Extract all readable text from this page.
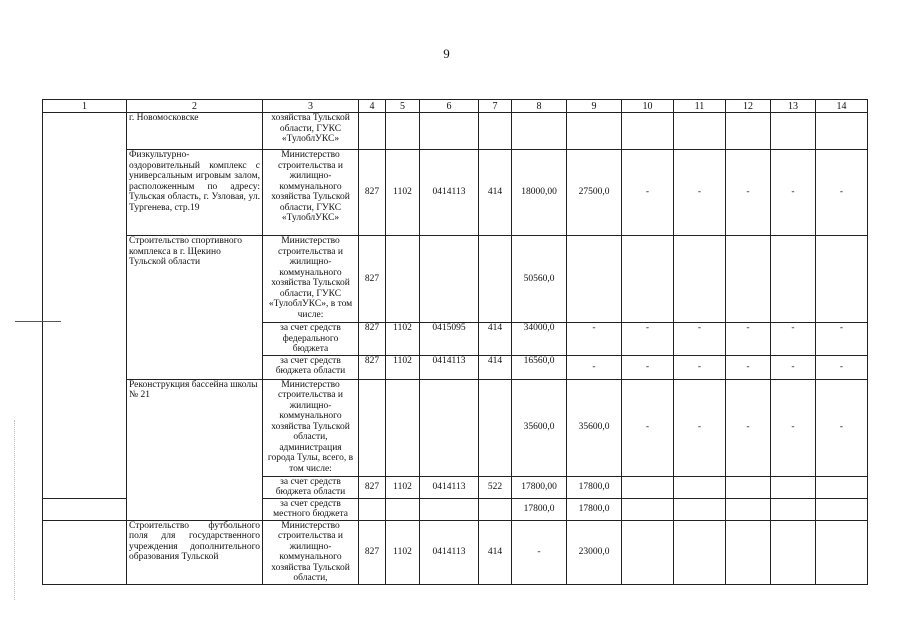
9
1	2	3	4	5	6	7	8	9	10	11	12	13	14
	г. Новомосковске	хозяйства Тульской области, ГУКС «ТулоблУКС»											
	Физкультурно-оздоровительный комплекс с универсальным игровым залом, расположенным по адресу: Тульская область, г. Узловая, ул. Тургенева, стр.19	Министерство строительства и жилищно-коммунального хозяйства Тульской области, ГУКС «ТулоблУКС»	827	1102	0414113	414	18000,00	27500,0	-	-	-	-	-
	Строительство спортивного комплекса в г. Щекино Тульской области	Министерство строительства и жилищно-коммунального хозяйства Тульской области, ГУКС «ТулоблУКС», в том числе:	827				50560,0						
		за счет средств федерального бюджета	827	1102	0415095	414	34000,0	-	-	-	-	-	-
		за счет средств бюджета области	827	1102	0414113	414	16560,0	-	-	-	-	-	-
	Реконструкция бассейна школы № 21	Министерство строительства и жилищно-коммунального хозяйства Тульской области, администрация города Тулы, всего, в том числе:					35600,0	35600,0	-	-	-	-	-
		за счет средств бюджета области	827	1102	0414113	522	17800,00	17800,0					
		за счет средств местного бюджета					17800,0	17800,0					
	Строительство футбольного поля для государственного учреждения дополнительного образования Тульской	Министерство строительства и жилищно-коммунального хозяйства Тульской области,	827	1102	0414113	414	-	23000,0					
